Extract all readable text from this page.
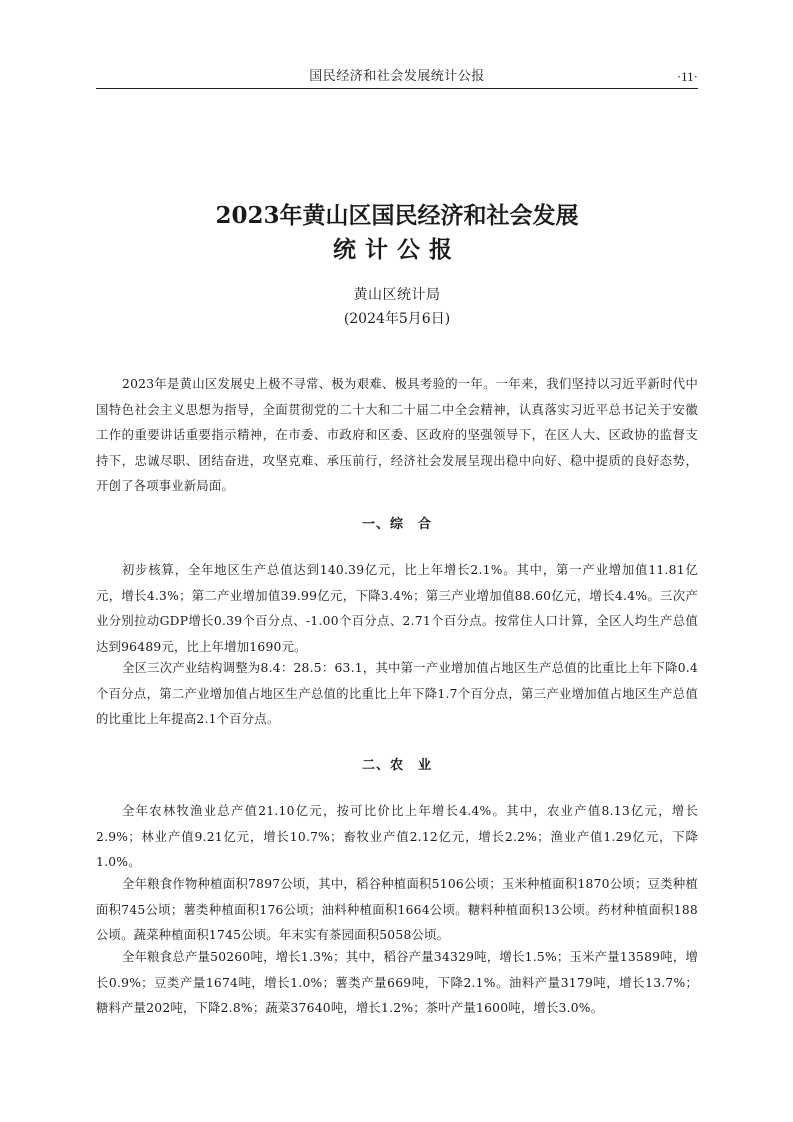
国民经济和社会发展统计公报	·11·
2023年黄山区国民经济和社会发展
统计公报
黄山区统计局
(2024年5月6日)

2023年是黄山区发展史上极不寻常、极为艰难、极具考验的一年。一年来，我们坚持以习近平新时代中国特色社会主义思想为指导，全面贯彻党的二十大和二十届二中全会精神，认真落实习近平总书记关于安徽工作的重要讲话重要指示精神，在市委、市政府和区委、区政府的坚强领导下，在区人大、区政协的监督支持下，忠诚尽职、团结奋进，攻坚克难、承压前行，经济社会发展呈现出稳中向好、稳中提质的良好态势，开创了各项事业新局面。

一、综　合

初步核算，全年地区生产总值达到140.39亿元，比上年增长2.1%。其中，第一产业增加值11.81亿元，增长4.3%；第二产业增加值39.99亿元，下降3.4%；第三产业增加值88.60亿元，增长4.4%。三次产业分别拉动GDP增长0.39个百分点、-1.00个百分点、2.71个百分点。按常住人口计算，全区人均生产总值达到96489元，比上年增加1690元。

全区三次产业结构调整为8.4：28.5：63.1，其中第一产业增加值占地区生产总值的比重比上年下降0.4个百分点，第二产业增加值占地区生产总值的比重比上年下降1.7个百分点，第三产业增加值占地区生产总值的比重比上年提高2.1个百分点。

二、农　业

全年农林牧渔业总产值21.10亿元，按可比价比上年增长4.4%。其中，农业产值8.13亿元，增长2.9%；林业产值9.21亿元，增长10.7%；畜牧业产值2.12亿元，增长2.2%；渔业产值1.29亿元，下降1.0%。

全年粮食作物种植面积7897公顷，其中，稻谷种植面积5106公顷；玉米种植面积1870公顷；豆类种植面积745公顷；薯类种植面积176公顷；油料种植面积1664公顷。糖料种植面积13公顷。药材种植面积188公顷。蔬菜种植面积1745公顷。年末实有茶园面积5058公顷。

全年粮食总产量50260吨，增长1.3%；其中，稻谷产量34329吨，增长1.5%；玉米产量13589吨，增长0.9%；豆类产量1674吨，增长1.0%；薯类产量669吨，下降2.1%。油料产量3179吨，增长13.7%；糖料产量202吨，下降2.8%；蔬菜37640吨，增长1.2%；茶叶产量1600吨，增长3.0%。
